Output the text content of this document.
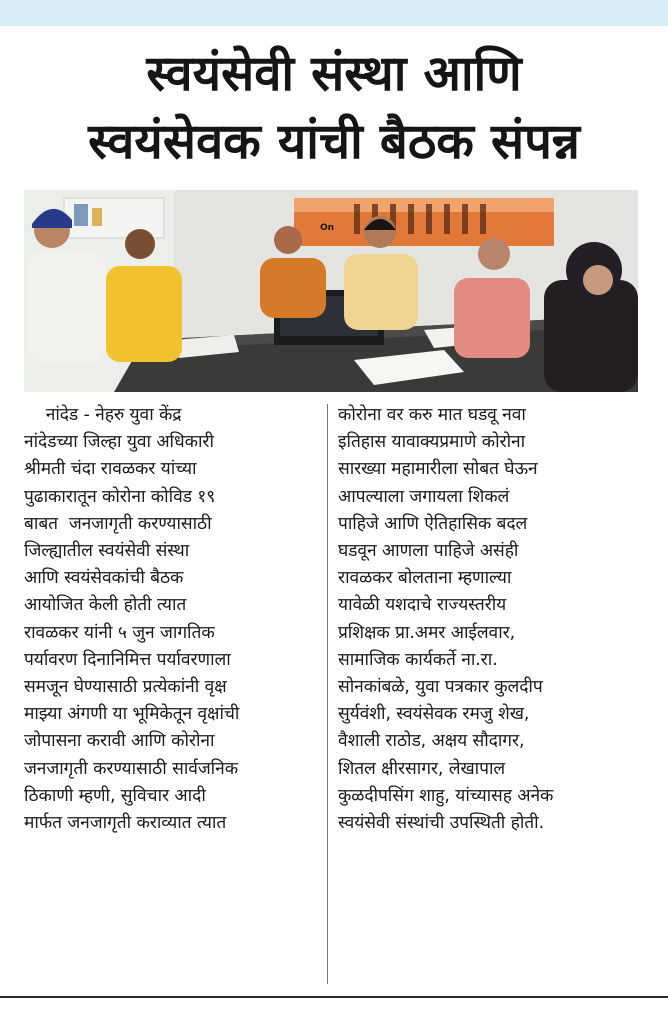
स्वयंसेवी संस्था आणि
स्वयंसेवक यांची बैठक संपन्न
On
नांदेड - नेहरु युवा केंद्र
नांदेडच्या जिल्हा युवा अधिकारी
श्रीमती चंदा रावळकर यांच्या
पुढाकारातून कोरोना कोविड १९
बाबत  जनजागृती करण्यासाठी
जिल्ह्यातील स्वयंसेवी संस्था
आणि स्वयंसेवकांची बैठक
आयोजित केली होती त्यात
रावळकर यांनी ५ जुन जागतिक
पर्यावरण दिनानिमित्त पर्यावरणाला
समजून घेण्यासाठी प्रत्येकांनी वृक्ष
माझ्या अंगणी या भूमिकेतून वृक्षांची
जोपासना करावी आणि कोरोना
जनजागृती करण्यासाठी सार्वजनिक
ठिकाणी म्हणी, सुविचार आदी
मार्फत जनजागृती कराव्यात त्यात
कोरोना वर करु मात घडवू नवा
इतिहास यावाक्यप्रमाणे कोरोना
सारख्या महामारीला सोबत घेऊन
आपल्याला जगायला शिकलं
पाहिजे आणि ऐतिहासिक बदल
घडवून आणला पाहिजे असंही
रावळकर बोलताना म्हणाल्या
यावेळी यशदाचे राज्यस्तरीय
प्रशिक्षक प्रा.अमर आईलवार,
सामाजिक कार्यकर्ते ना.रा.
सोनकांबळे, युवा पत्रकार कुलदीप
सुर्यवंशी, स्वयंसेवक रमजु शेख,
वैशाली राठोड, अक्षय सौदागर,
शितल क्षीरसागर, लेखापाल
कुळदीपसिंग शाहु, यांच्यासह अनेक
स्वयंसेवी संस्थांची उपस्थिती होती.
